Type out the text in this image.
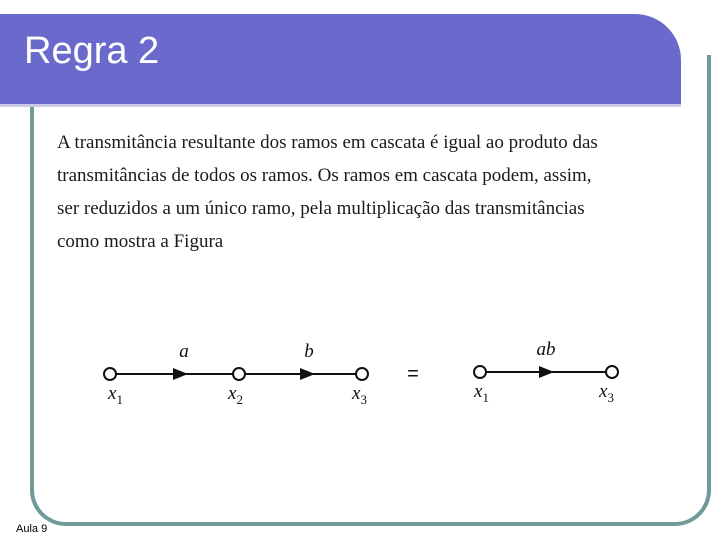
Regra 2

A transmitância resultante dos ramos em cascata é igual ao produto das
transmitâncias de todos os ramos. Os ramos em cascata podem, assim,
ser reduzidos a um único ramo, pela multiplicação das transmitâncias
como mostra a Figura

a	b
$x_1$	$x_2$	$x_3$
=
ab
$x_1$	$x_3$
Aula 9
